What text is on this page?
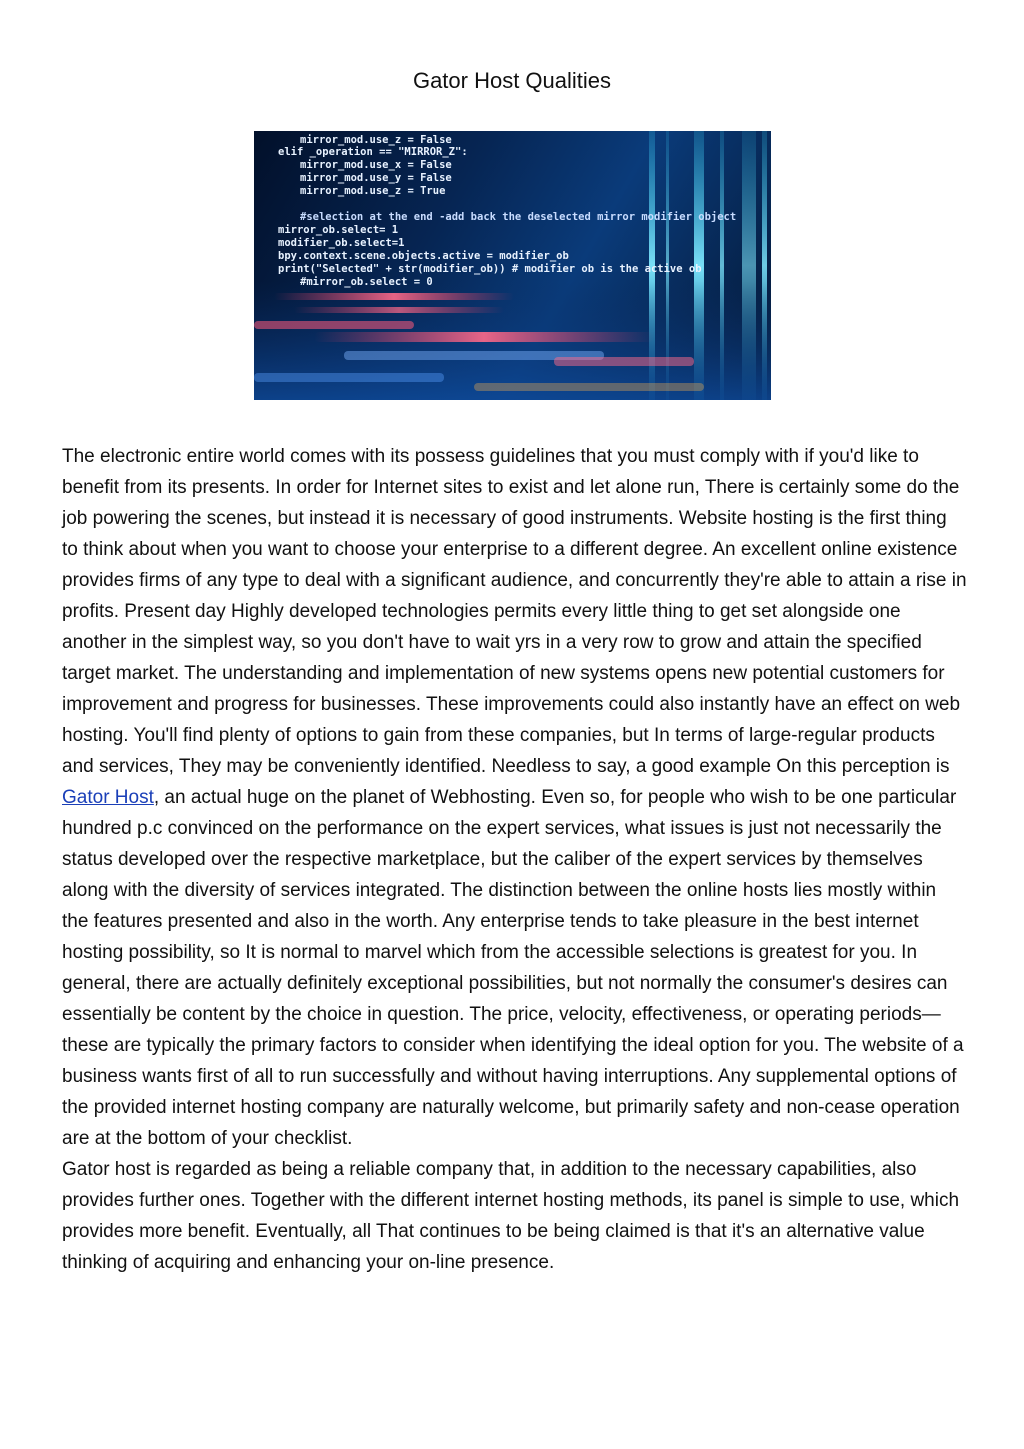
Gator Host Qualities
mirror_mod.use_z = False
elif _operation == "MIRROR_Z":
mirror_mod.use_x = False
mirror_mod.use_y = False
mirror_mod.use_z = True
#selection at the end -add back the deselected mirror modifier object
mirror_ob.select= 1
modifier_ob.select=1
bpy.context.scene.objects.active = modifier_ob
print("Selected" + str(modifier_ob)) # modifier ob is the active ob
#mirror_ob.select = 0

The electronic entire world comes with its possess guidelines that you must comply with if you'd like to benefit from its presents. In order for Internet sites to exist and let alone run, There is certainly some do the job powering the scenes, but instead it is necessary of good instruments. Website hosting is the first thing to think about when you want to choose your enterprise to a different degree. An excellent online existence provides firms of any type to deal with a significant audience, and concurrently they're able to attain a rise in profits. Present day Highly developed technologies permits every little thing to get set alongside one another in the simplest way, so you don't have to wait yrs in a very row to grow and attain the specified target market. The understanding and implementation of new systems opens new potential customers for improvement and progress for businesses. These improvements could also instantly have an effect on web hosting. You'll find plenty of options to gain from these companies, but In terms of large-regular products and services, They may be conveniently identified. Needless to say, a good example On this perception is Gator Host, an actual huge on the planet of Webhosting. Even so, for people who wish to be one particular hundred p.c convinced on the performance on the expert services, what issues is just not necessarily the status developed over the respective marketplace, but the caliber of the expert services by themselves along with the diversity of services integrated. The distinction between the online hosts lies mostly within the features presented and also in the worth. Any enterprise tends to take pleasure in the best internet hosting possibility, so It is normal to marvel which from the accessible selections is greatest for you. In general, there are actually definitely exceptional possibilities, but not normally the consumer's desires can essentially be content by the choice in question. The price, velocity, effectiveness, or operating periods—these are typically the primary factors to consider when identifying the ideal option for you. The website of a business wants first of all to run successfully and without having interruptions. Any supplemental options of the provided internet hosting company are naturally welcome, but primarily safety and non-cease operation are at the bottom of your checklist.

Gator host is regarded as being a reliable company that, in addition to the necessary capabilities, also provides further ones. Together with the different internet hosting methods, its panel is simple to use, which provides more benefit. Eventually, all That continues to be being claimed is that it's an alternative value thinking of acquiring and enhancing your on-line presence.
